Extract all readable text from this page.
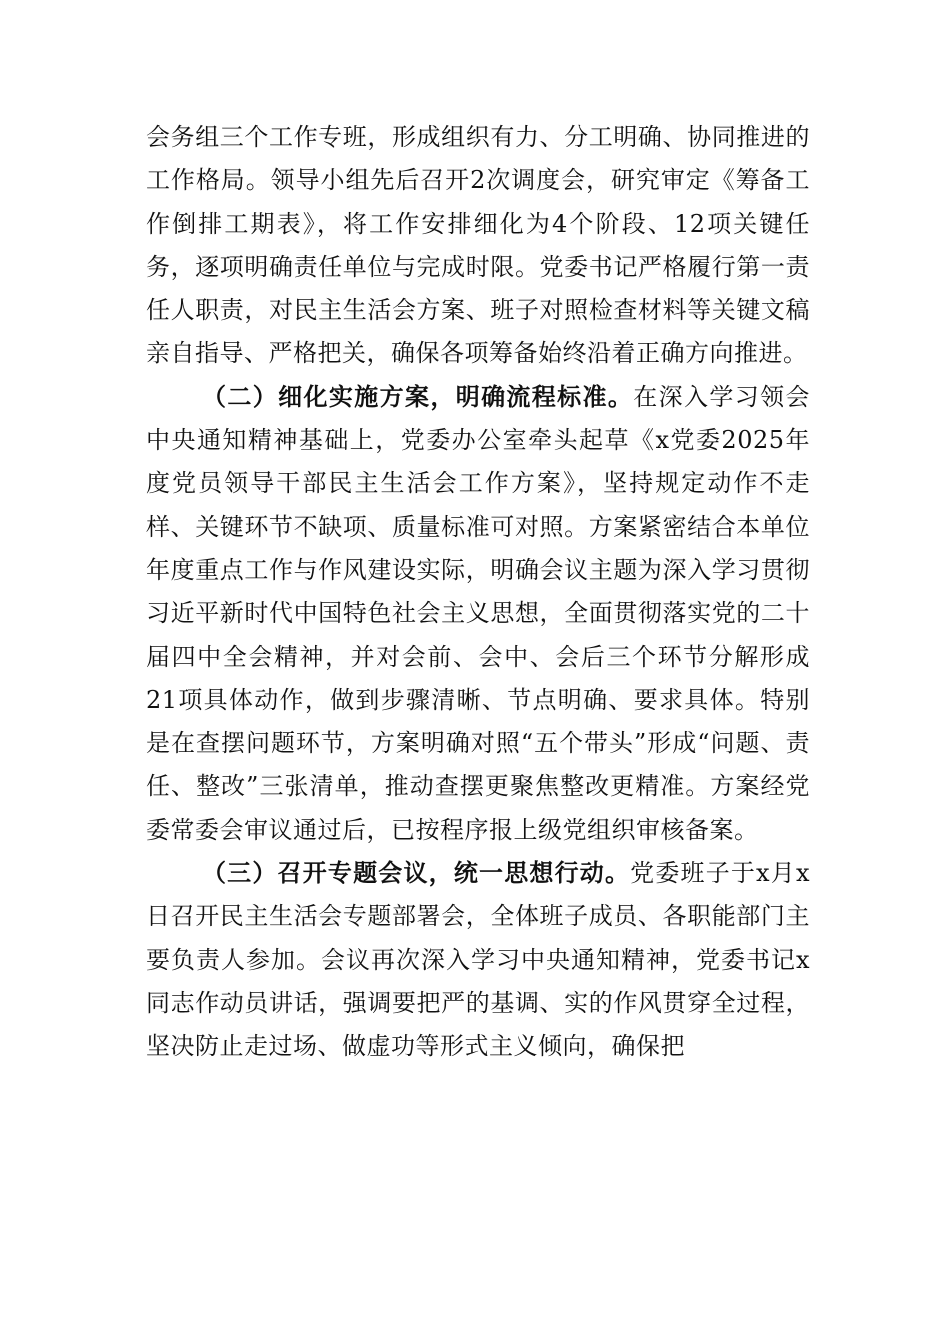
会务组三个工作专班，形成组织有力、分工明确、协同推进的工作格局。领导小组先后召开2次调度会，研究审定《筹备工作倒排工期表》，将工作安排细化为4个阶段、12项关键任务，逐项明确责任单位与完成时限。党委书记严格履行第一责任人职责，对民主生活会方案、班子对照检查材料等关键文稿亲自指导、严格把关，确保各项筹备始终沿着正确方向推进。

（二）细化实施方案，明确流程标准。在深入学习领会中央通知精神基础上，党委办公室牵头起草《x党委2025年度党员领导干部民主生活会工作方案》，坚持规定动作不走样、关键环节不缺项、质量标准可对照。方案紧密结合本单位年度重点工作与作风建设实际，明确会议主题为深入学习贯彻习近平新时代中国特色社会主义思想，全面贯彻落实党的二十届四中全会精神，并对会前、会中、会后三个环节分解形成21项具体动作，做到步骤清晰、节点明确、要求具体。特别是在查摆问题环节，方案明确对照“五个带头”形成“问题、责任、整改”三张清单，推动查摆更聚焦整改更精准。方案经党委常委会审议通过后，已按程序报上级党组织审核备案。

（三）召开专题会议，统一思想行动。党委班子于x月x日召开民主生活会专题部署会，全体班子成员、各职能部门主要负责人参加。会议再次深入学习中央通知精神，党委书记x同志作动员讲话，强调要把严的基调、实的作风贯穿全过程，坚决防止走过场、做虚功等形式主义倾向，确保把
